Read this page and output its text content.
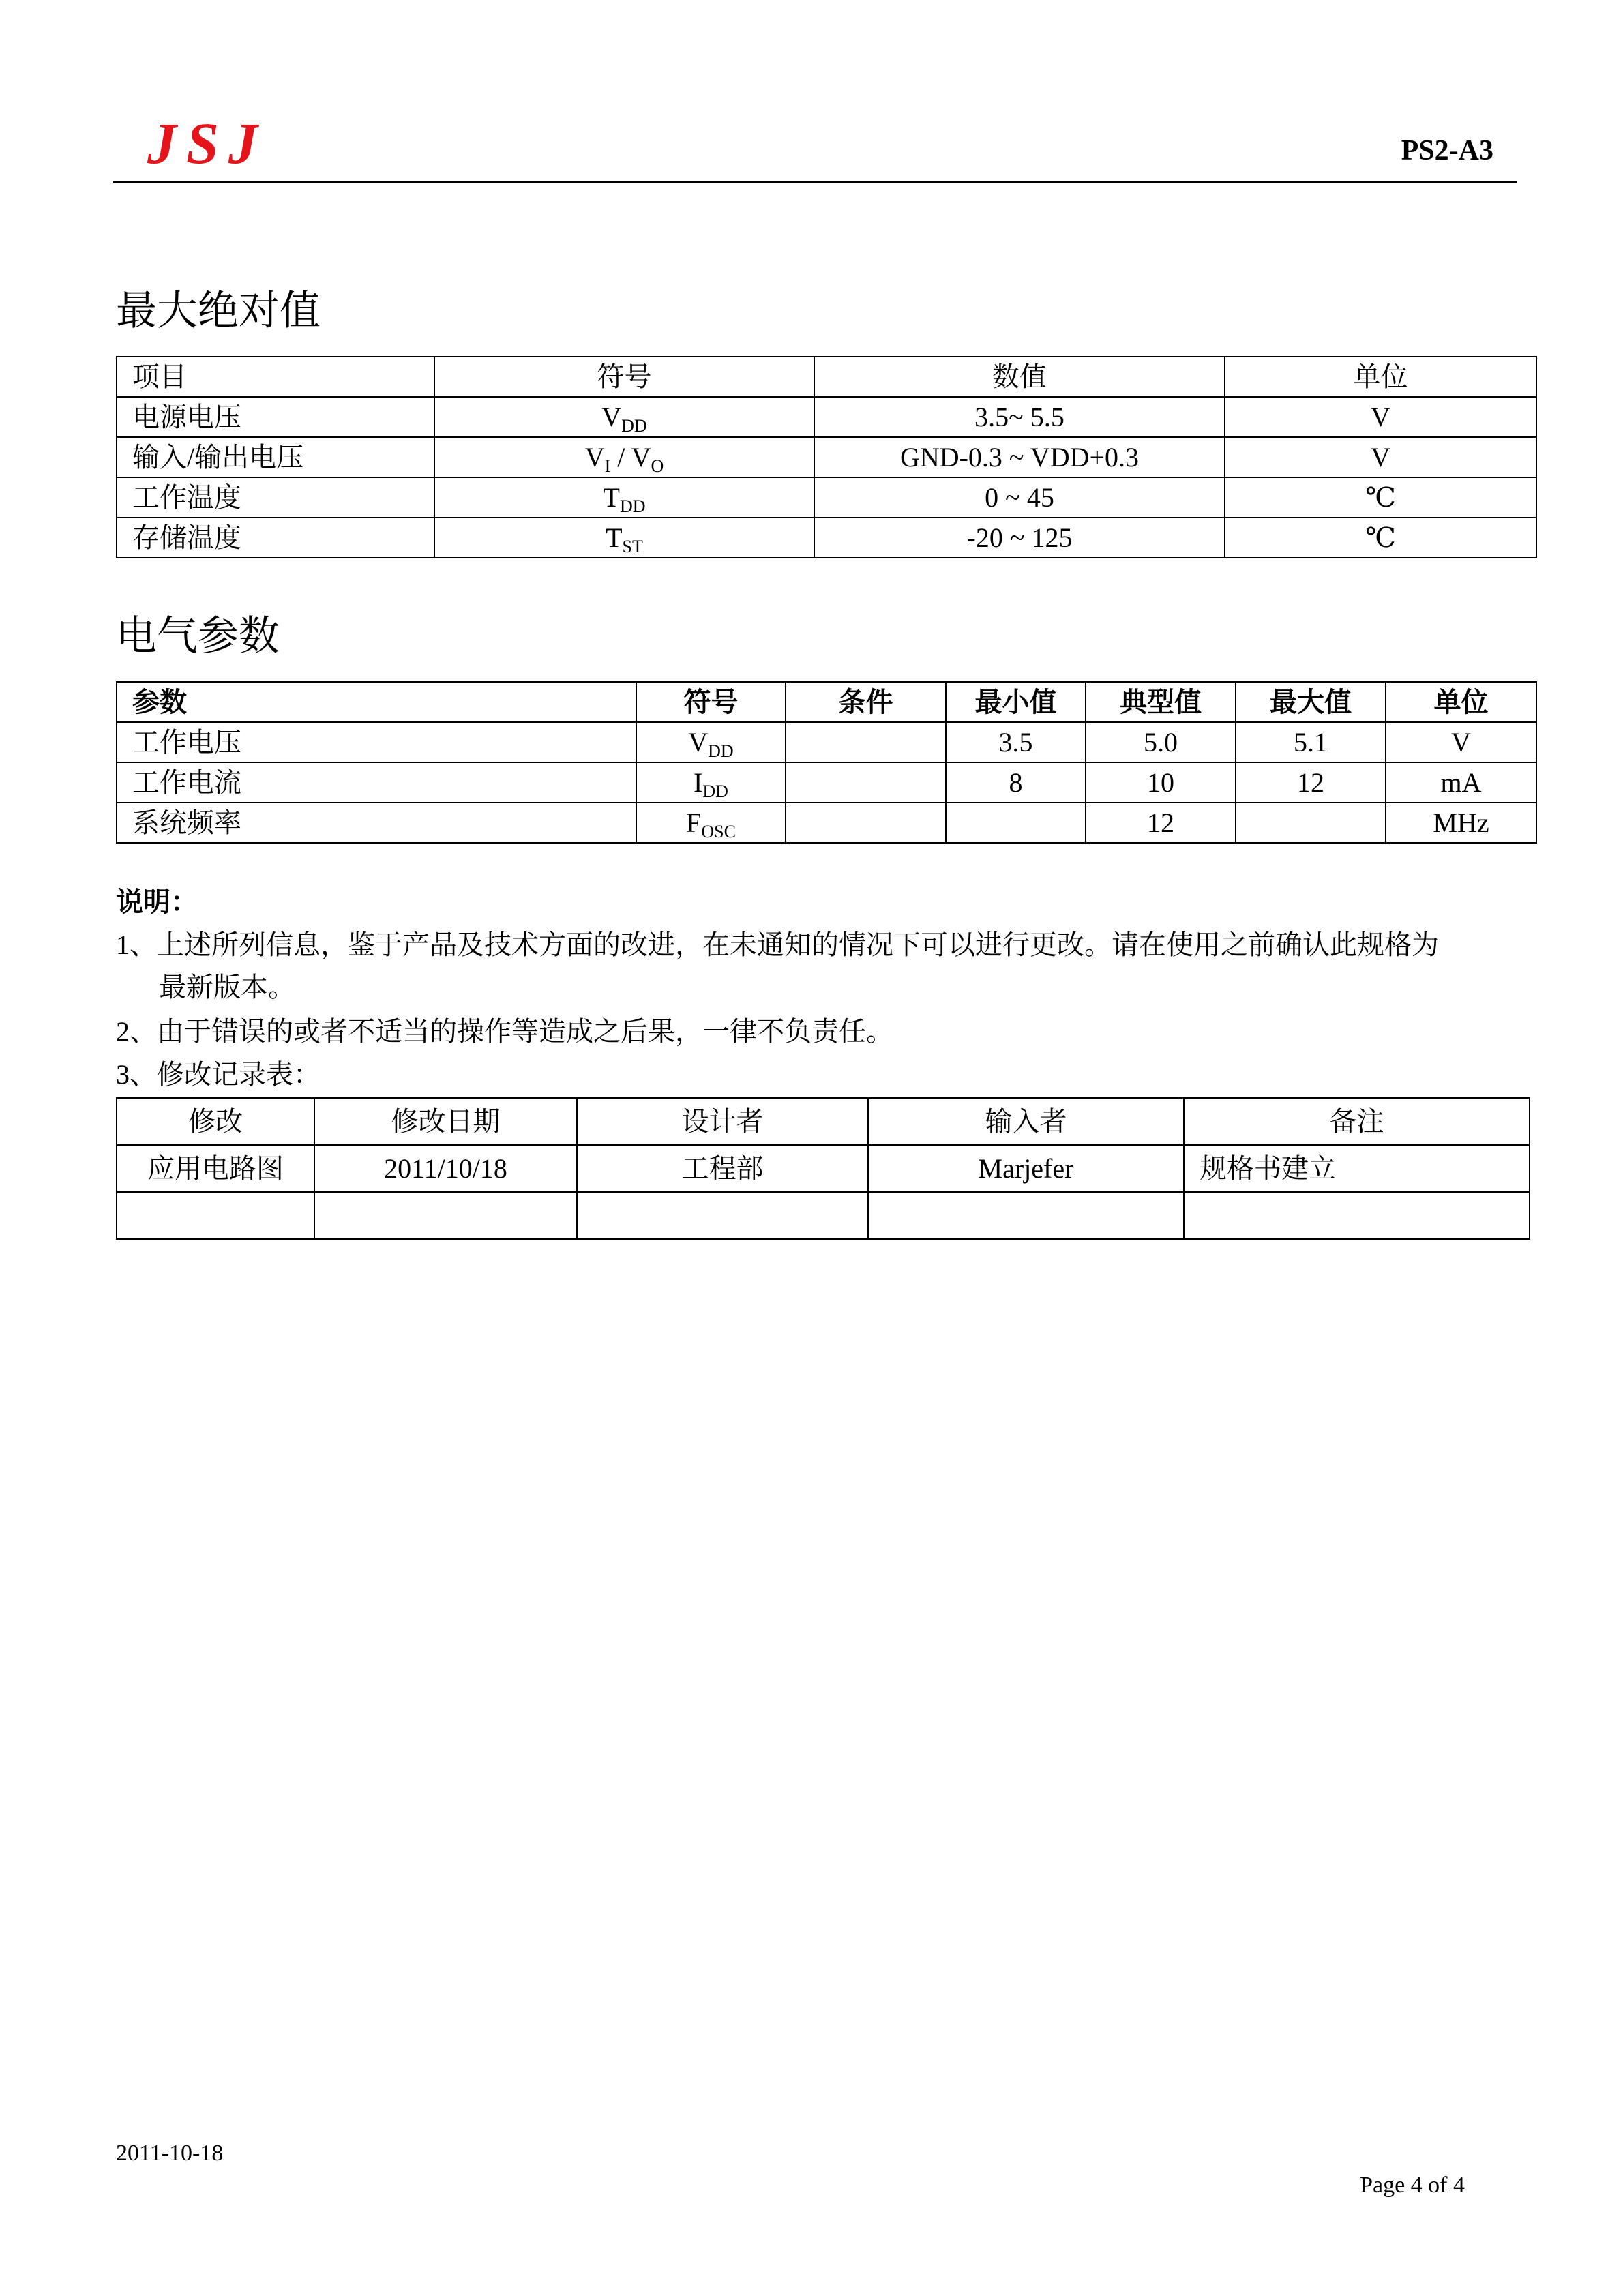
JSJ	PS2-A3
最大绝对值
项目	符号	数值	单位
电源电压	$V_{DD}$	3.5~ 5.5	V
输入/输出电压	$V_I / V_O$	GND-0.3 ~ VDD+0.3	V
工作温度	$T_{DD}$	0 ~ 45	℃
存储温度	$T_{ST}$	-20 ~ 125	℃
电气参数
参数	符号	条件	最小值	典型值	最大值	单位
工作电压	$V_{DD}$		3.5	5.0	5.1	V
工作电流	$I_{DD}$		8	10	12	mA
系统频率	$F_{OSC}$			12		MHz
说明：
1、上述所列信息，鉴于产品及技术方面的改进，在未通知的情况下可以进行更改。请在使用之前确认此规格为
最新版本。
2、由于错误的或者不适当的操作等造成之后果，一律不负责任。
3、修改记录表：
修改	修改日期	设计者	输入者	备注
应用电路图	2011/10/18	工程部	Marjefer	规格书建立

2011-10-18
Page 4 of 4
